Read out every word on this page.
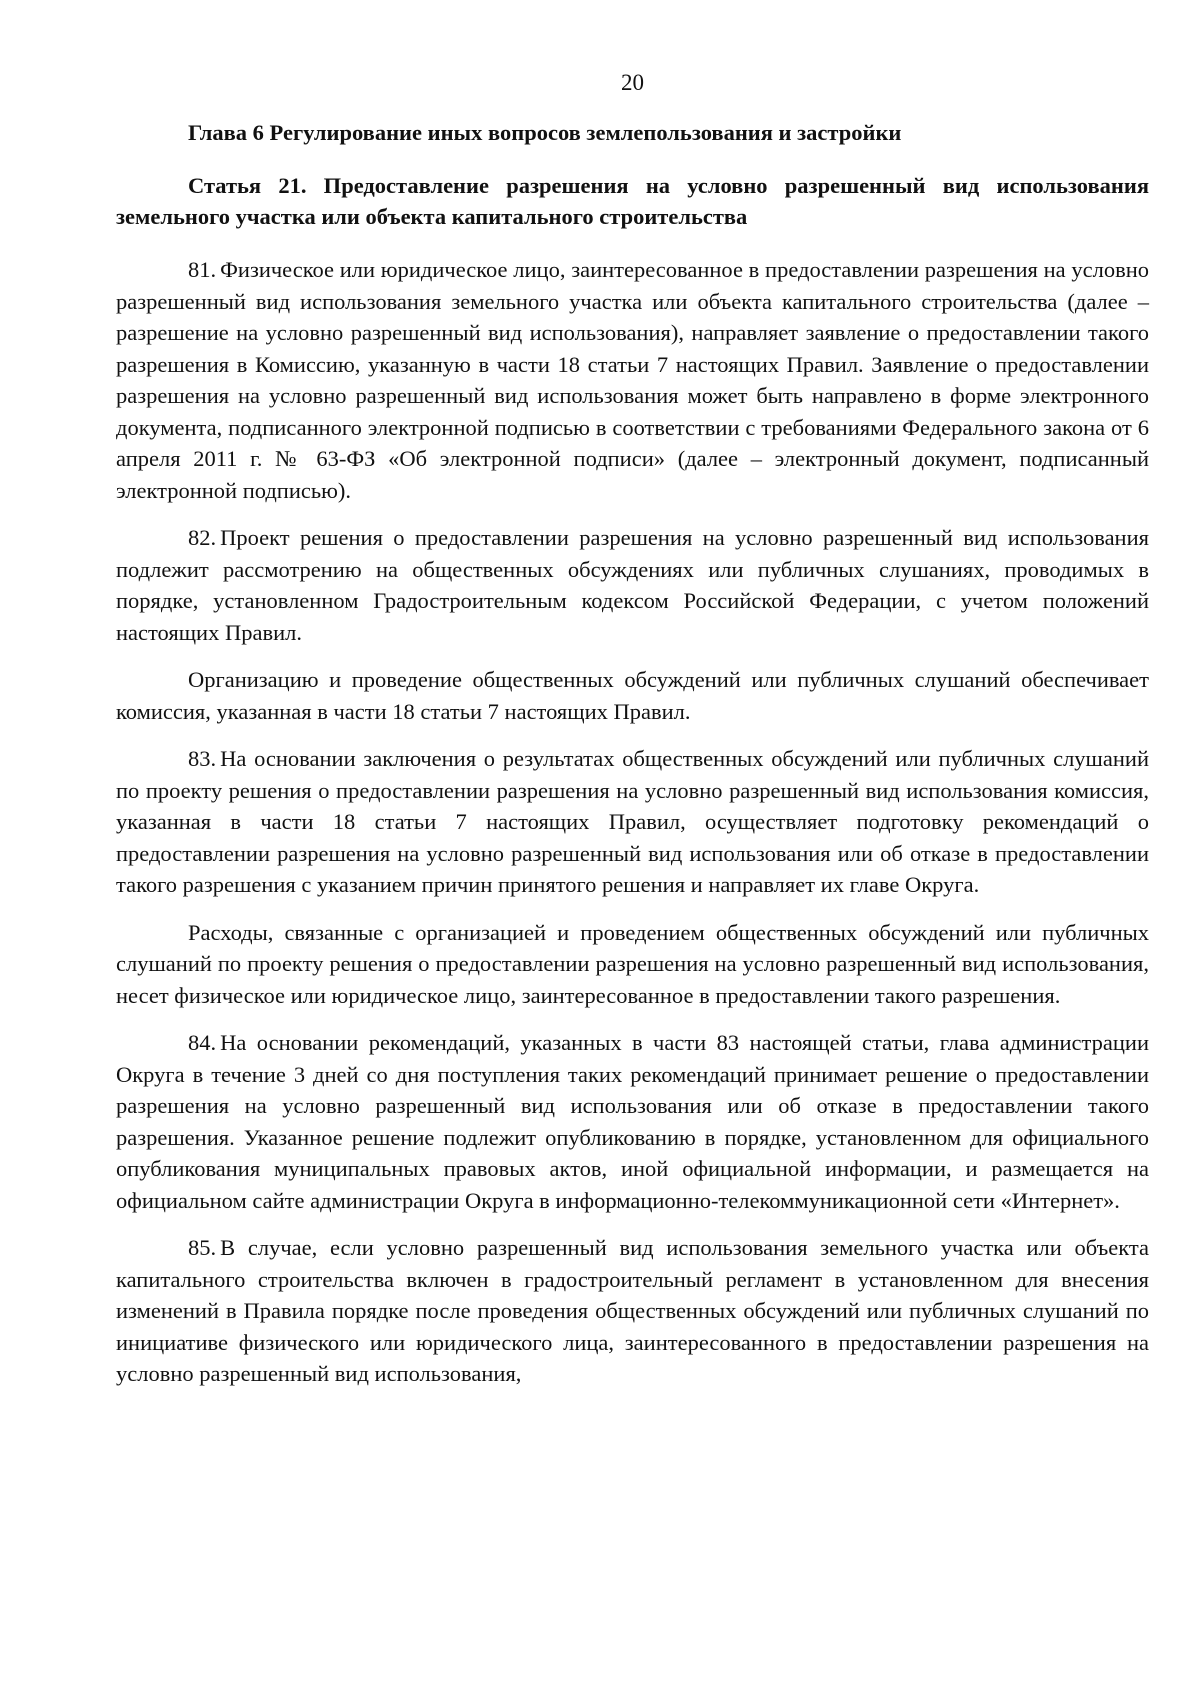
20
Глава 6 Регулирование иных вопросов землепользования и застройки
Статья 21. Предоставление разрешения на условно разрешенный вид использования земельного участка или объекта капитального строительства

81. Физическое или юридическое лицо, заинтересованное в предоставлении разрешения на условно разрешенный вид использования земельного участка или объекта капитального строительства (далее – разрешение на условно разрешенный вид использования), направляет заявление о предоставлении такого разрешения в Комиссию, указанную в части 18 статьи 7 настоящих Правил. Заявление о предоставлении разрешения на условно разрешенный вид использования может быть направлено в форме электронного документа, подписанного электронной подписью в соответствии с требованиями Федерального закона от 6 апреля 2011 г. № 63-ФЗ «Об электронной подписи» (далее – электронный документ, подписанный электронной подписью).

82. Проект решения о предоставлении разрешения на условно разрешенный вид использования подлежит рассмотрению на общественных обсуждениях или публичных слушаниях, проводимых в порядке, установленном Градостроительным кодексом Российской Федерации, с учетом положений настоящих Правил.

Организацию и проведение общественных обсуждений или публичных слушаний обеспечивает комиссия, указанная в части 18 статьи 7 настоящих Правил.

83. На основании заключения о результатах общественных обсуждений или публичных слушаний по проекту решения о предоставлении разрешения на условно разрешенный вид использования комиссия, указанная в части 18 статьи 7 настоящих Правил, осуществляет подготовку рекомендаций о предоставлении разрешения на условно разрешенный вид использования или об отказе в предоставлении такого разрешения с указанием причин принятого решения и направляет их главе Округа.

Расходы, связанные с организацией и проведением общественных обсуждений или публичных слушаний по проекту решения о предоставлении разрешения на условно разрешенный вид использования, несет физическое или юридическое лицо, заинтересованное в предоставлении такого разрешения.

84. На основании рекомендаций, указанных в части 83 настоящей статьи, глава администрации Округа в течение 3 дней со дня поступления таких рекомендаций принимает решение о предоставлении разрешения на условно разрешенный вид использования или об отказе в предоставлении такого разрешения. Указанное решение подлежит опубликованию в порядке, установленном для официального опубликования муниципальных правовых актов, иной официальной информации, и размещается на официальном сайте администрации Округа в информационно-телекоммуникационной сети «Интернет».

85. В случае, если условно разрешенный вид использования земельного участка или объекта капитального строительства включен в градостроительный регламент в установленном для внесения изменений в Правила порядке после проведения общественных обсуждений или публичных слушаний по инициативе физического или юридического лица, заинтересованного в предоставлении разрешения на условно разрешенный вид использования,
